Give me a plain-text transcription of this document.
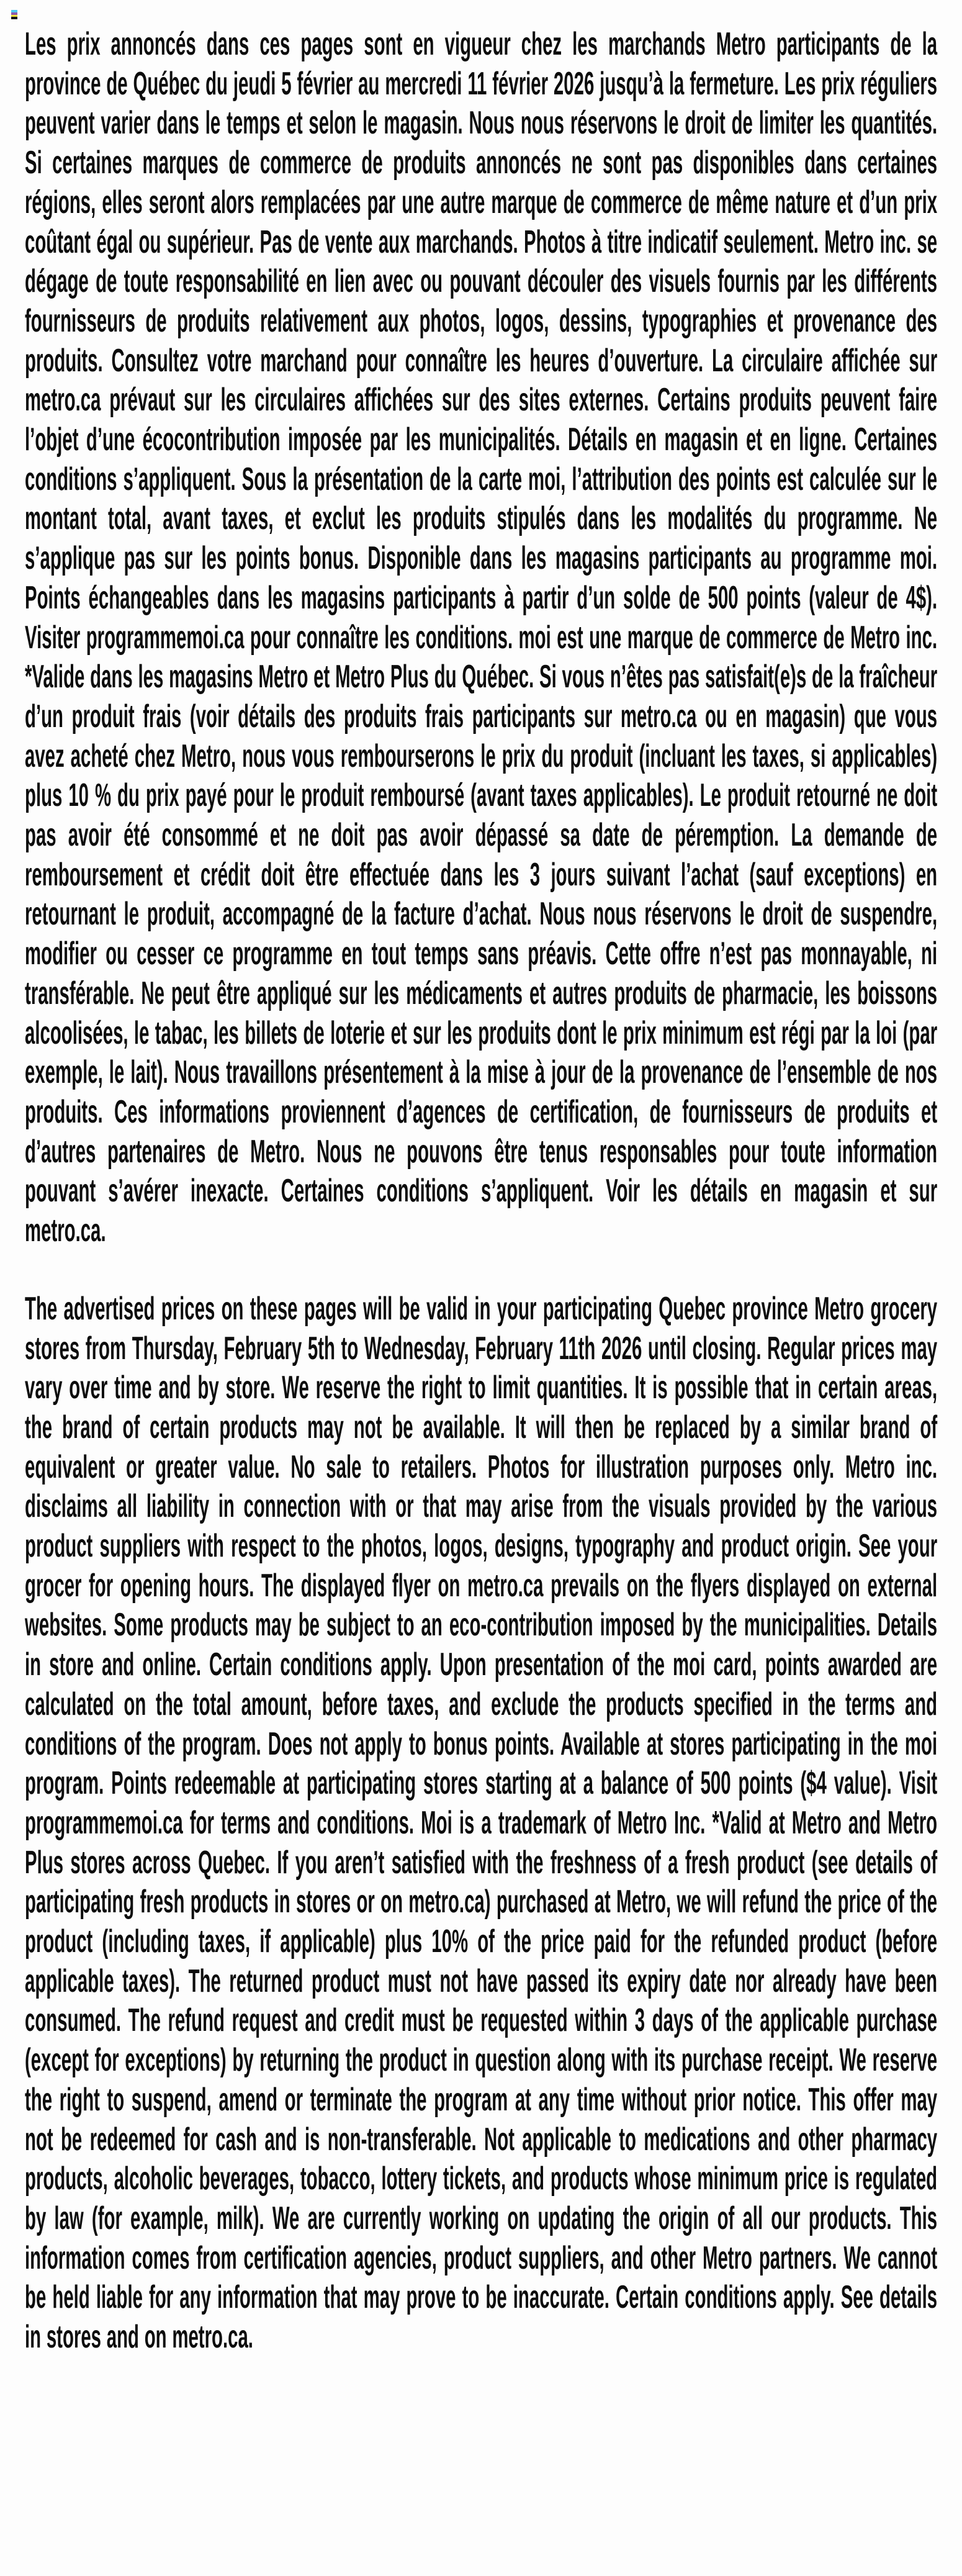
Les prix annoncés dans ces pages sont en vigueur chez les marchands Metro participants de la province de Québec du jeudi 5 février au mercredi 11 février 2026 jusqu’à la fermeture. Les prix réguliers peuvent varier dans le temps et selon le magasin. Nous nous réservons le droit de limiter les quantités. Si certaines marques de commerce de produits annoncés ne sont pas disponibles dans certaines régions, elles seront alors remplacées par une autre marque de commerce de même nature et d’un prix coûtant égal ou supérieur. Pas de vente aux marchands. Photos à titre indicatif seulement. Metro inc. se dégage de toute responsabilité en lien avec ou pouvant découler des visuels fournis par les différents fournisseurs de produits relativement aux photos, logos, dessins, typographies et provenance des produits. Consultez votre marchand pour connaître les heures d’ouverture. La circulaire affichée sur metro.ca prévaut sur les circulaires affichées sur des sites externes. Certains produits peuvent faire l’objet d’une écocontribution imposée par les municipalités. Détails en magasin et en ligne. Certaines conditions s’appliquent. Sous la présentation de la carte moi, l’attribution des points est calculée sur le montant total, avant taxes, et exclut les produits stipulés dans les modalités du programme. Ne s’applique pas sur les points bonus. Disponible dans les magasins participants au programme moi. Points échangeables dans les magasins participants à partir d’un solde de 500 points (valeur de 4$). Visiter programmemoi.ca pour connaître les conditions. moi est une marque de commerce de Metro inc. *Valide dans les magasins Metro et Metro Plus du Québec. Si vous n’êtes pas satisfait(e)s de la fraîcheur d’un produit frais (voir détails des produits frais participants sur metro.ca ou en magasin) que vous avez acheté chez Metro, nous vous rembourserons le prix du produit (incluant les taxes, si applicables) plus 10 % du prix payé pour le produit remboursé (avant taxes applicables). Le produit retourné ne doit pas avoir été consommé et ne doit pas avoir dépassé sa date de péremption. La demande de remboursement et crédit doit être effectuée dans les 3 jours suivant l’achat (sauf exceptions) en retournant le produit, accompagné de la facture d’achat. Nous nous réservons le droit de suspendre, modifier ou cesser ce programme en tout temps sans préavis. Cette offre n’est pas monnayable, ni transférable. Ne peut être appliqué sur les médicaments et autres produits de pharmacie, les boissons alcoolisées, le tabac, les billets de loterie et sur les produits dont le prix minimum est régi par la loi (par exemple, le lait). Nous travaillons présentement à la mise à jour de la provenance de l’ensemble de nos produits. Ces informations proviennent d’agences de certification, de fournisseurs de produits et d’autres partenaires de Metro. Nous ne pouvons être tenus responsables pour toute information pouvant s’avérer inexacte. Certaines conditions s’appliquent. Voir les détails en magasin et sur metro.ca.

The advertised prices on these pages will be valid in your participating Quebec province Metro grocery stores from Thursday, February 5th to Wednesday, February 11th 2026 until closing. Regular prices may vary over time and by store. We reserve the right to limit quantities. It is possible that in certain areas, the brand of certain products may not be available. It will then be replaced by a similar brand of equivalent or greater value. No sale to retailers. Photos for illustration purposes only. Metro inc. disclaims all liability in connection with or that may arise from the visuals provided by the various product suppliers with respect to the photos, logos, designs, typography and product origin. See your grocer for opening hours. The displayed flyer on metro.ca prevails on the flyers displayed on external websites. Some products may be subject to an eco-contribution imposed by the municipalities. Details in store and online. Certain conditions apply. Upon presentation of the moi card, points awarded are calculated on the total amount, before taxes, and exclude the products specified in the terms and conditions of the program. Does not apply to bonus points. Available at stores participating in the moi program. Points redeemable at participating stores starting at a balance of 500 points ($4 value). Visit programmemoi.ca for terms and conditions. Moi is a trademark of Metro Inc. *Valid at Metro and Metro Plus stores across Quebec. If you aren’t satisfied with the freshness of a fresh product (see details of participating fresh products in stores or on metro.ca) purchased at Metro, we will refund the price of the product (including taxes, if applicable) plus 10% of the price paid for the refunded product (before applicable taxes). The returned product must not have passed its expiry date nor already have been consumed. The refund request and credit must be requested within 3 days of the applicable purchase (except for exceptions) by returning the product in question along with its purchase receipt. We reserve the right to suspend, amend or terminate the program at any time without prior notice. This offer may not be redeemed for cash and is non-transferable. Not applicable to medications and other pharmacy products, alcoholic beverages, tobacco, lottery tickets, and products whose minimum price is regulated by law (for example, milk). We are currently working on updating the origin of all our products. This information comes from certification agencies, product suppliers, and other Metro partners. We cannot be held liable for any information that may prove to be inaccurate. Certain conditions apply. See details in stores and on metro.ca.
